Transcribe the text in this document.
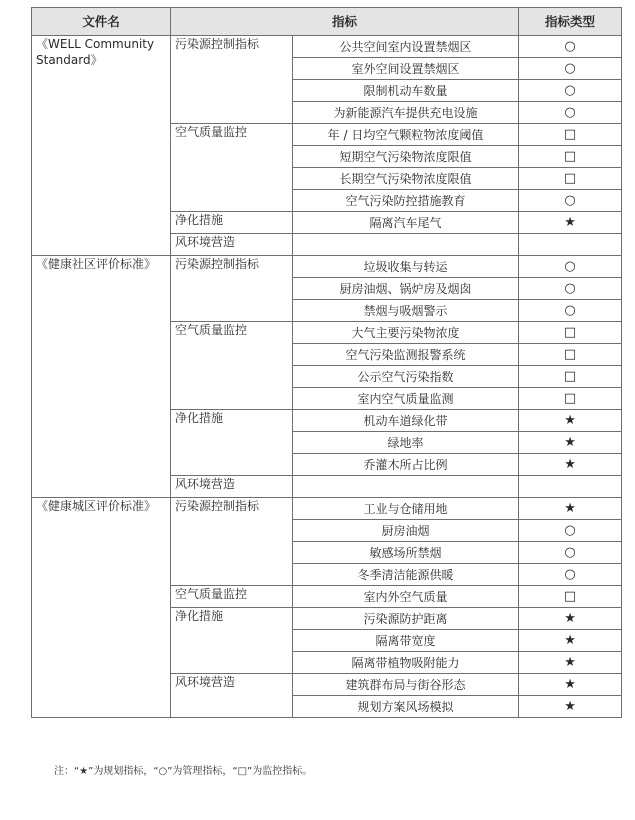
文件名	指标		指标类型
《WELL Community Standard》	污染源控制指标	公共空间室内设置禁烟区	○
		室外空间设置禁烟区	○
		限制机动车数量	○
		为新能源汽车提供充电设施	○
	空气质量监控	年 / 日均空气颗粒物浓度阈值	□
		短期空气污染物浓度限值	□
		长期空气污染物浓度限值	□
		空气污染防控措施教育	○
	净化措施	隔离汽车尾气	★
	风环境营造		
《健康社区评价标准》	污染源控制指标	垃圾收集与转运	○
		厨房油烟、锅炉房及烟囱	○
		禁烟与吸烟警示	○
	空气质量监控	大气主要污染物浓度	□
		空气污染监测报警系统	□
		公示空气污染指数	□
		室内空气质量监测	□
	净化措施	机动车道绿化带	★
		绿地率	★
		乔灌木所占比例	★
	风环境营造		
《健康城区评价标准》	污染源控制指标	工业与仓储用地	★
		厨房油烟	○
		敏感场所禁烟	○
		冬季清洁能源供暖	○
	空气质量监控	室内外空气质量	□
	净化措施	污染源防护距离	★
		隔离带宽度	★
		隔离带植物吸附能力	★
	风环境营造	建筑群布局与街谷形态	★
		规划方案风场模拟	★
注：“★”为规划指标，“○”为管理指标，“□”为监控指标。
